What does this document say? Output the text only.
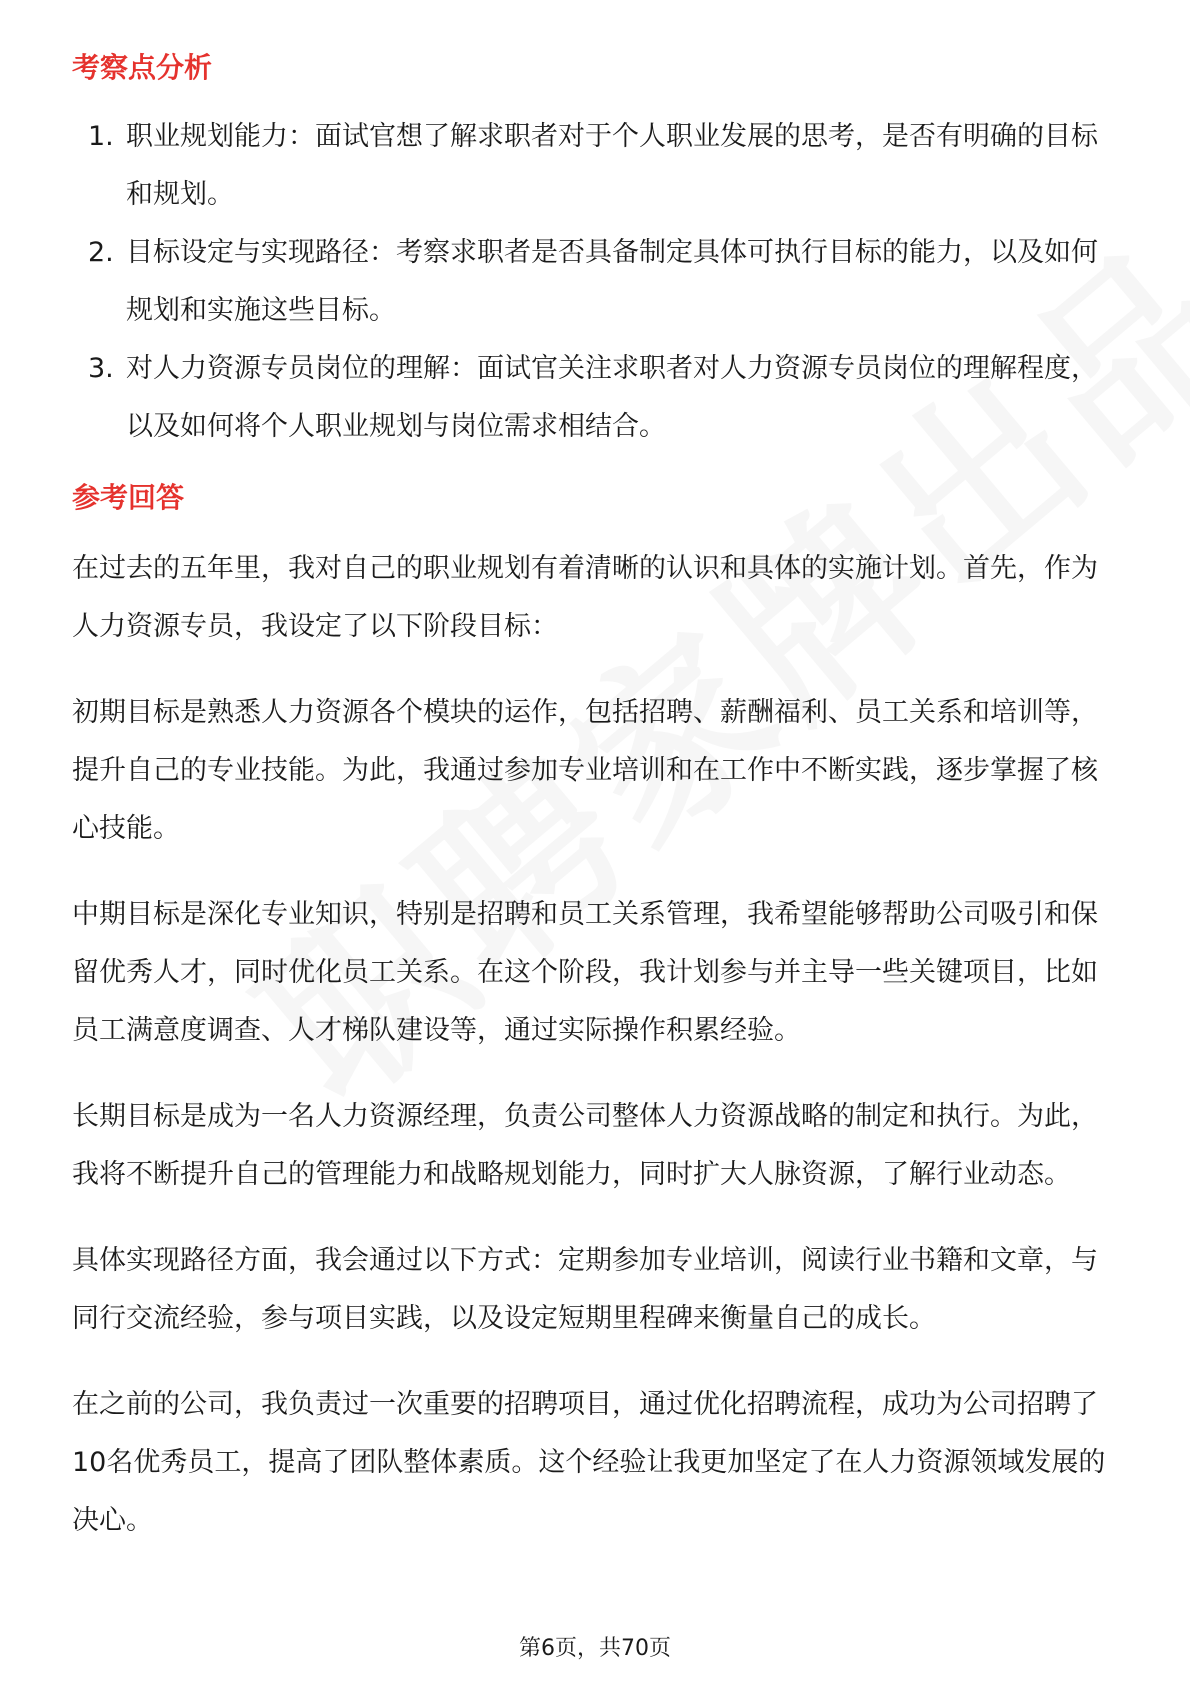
考察点分析
1. 职业规划能力：面试官想了解求职者对于个人职业发展的思考，是否有明确的目标和规划。
2. 目标设定与实现路径：考察求职者是否具备制定具体可执行目标的能力，以及如何规划和实施这些目标。
3. 对人力资源专员岗位的理解：面试官关注求职者对人力资源专员岗位的理解程度，以及如何将个人职业规划与岗位需求相结合。
参考回答

在过去的五年里，我对自己的职业规划有着清晰的认识和具体的实施计划。首先，作为人力资源专员，我设定了以下阶段目标：

初期目标是熟悉人力资源各个模块的运作，包括招聘、薪酬福利、员工关系和培训等，提升自己的专业技能。为此，我通过参加专业培训和在工作中不断实践，逐步掌握了核心技能。

中期目标是深化专业知识，特别是招聘和员工关系管理，我希望能够帮助公司吸引和保留优秀人才，同时优化员工关系。在这个阶段，我计划参与并主导一些关键项目，比如员工满意度调查、人才梯队建设等，通过实际操作积累经验。

长期目标是成为一名人力资源经理，负责公司整体人力资源战略的制定和执行。为此，我将不断提升自己的管理能力和战略规划能力，同时扩大人脉资源，了解行业动态。

具体实现路径方面，我会通过以下方式：定期参加专业培训，阅读行业书籍和文章，与同行交流经验，参与项目实践，以及设定短期里程碑来衡量自己的成长。

在之前的公司，我负责过一次重要的招聘项目，通过优化招聘流程，成功为公司招聘了10名优秀员工，提高了团队整体素质。这个经验让我更加坚定了在人力资源领域发展的决心。

第6页，共70页
